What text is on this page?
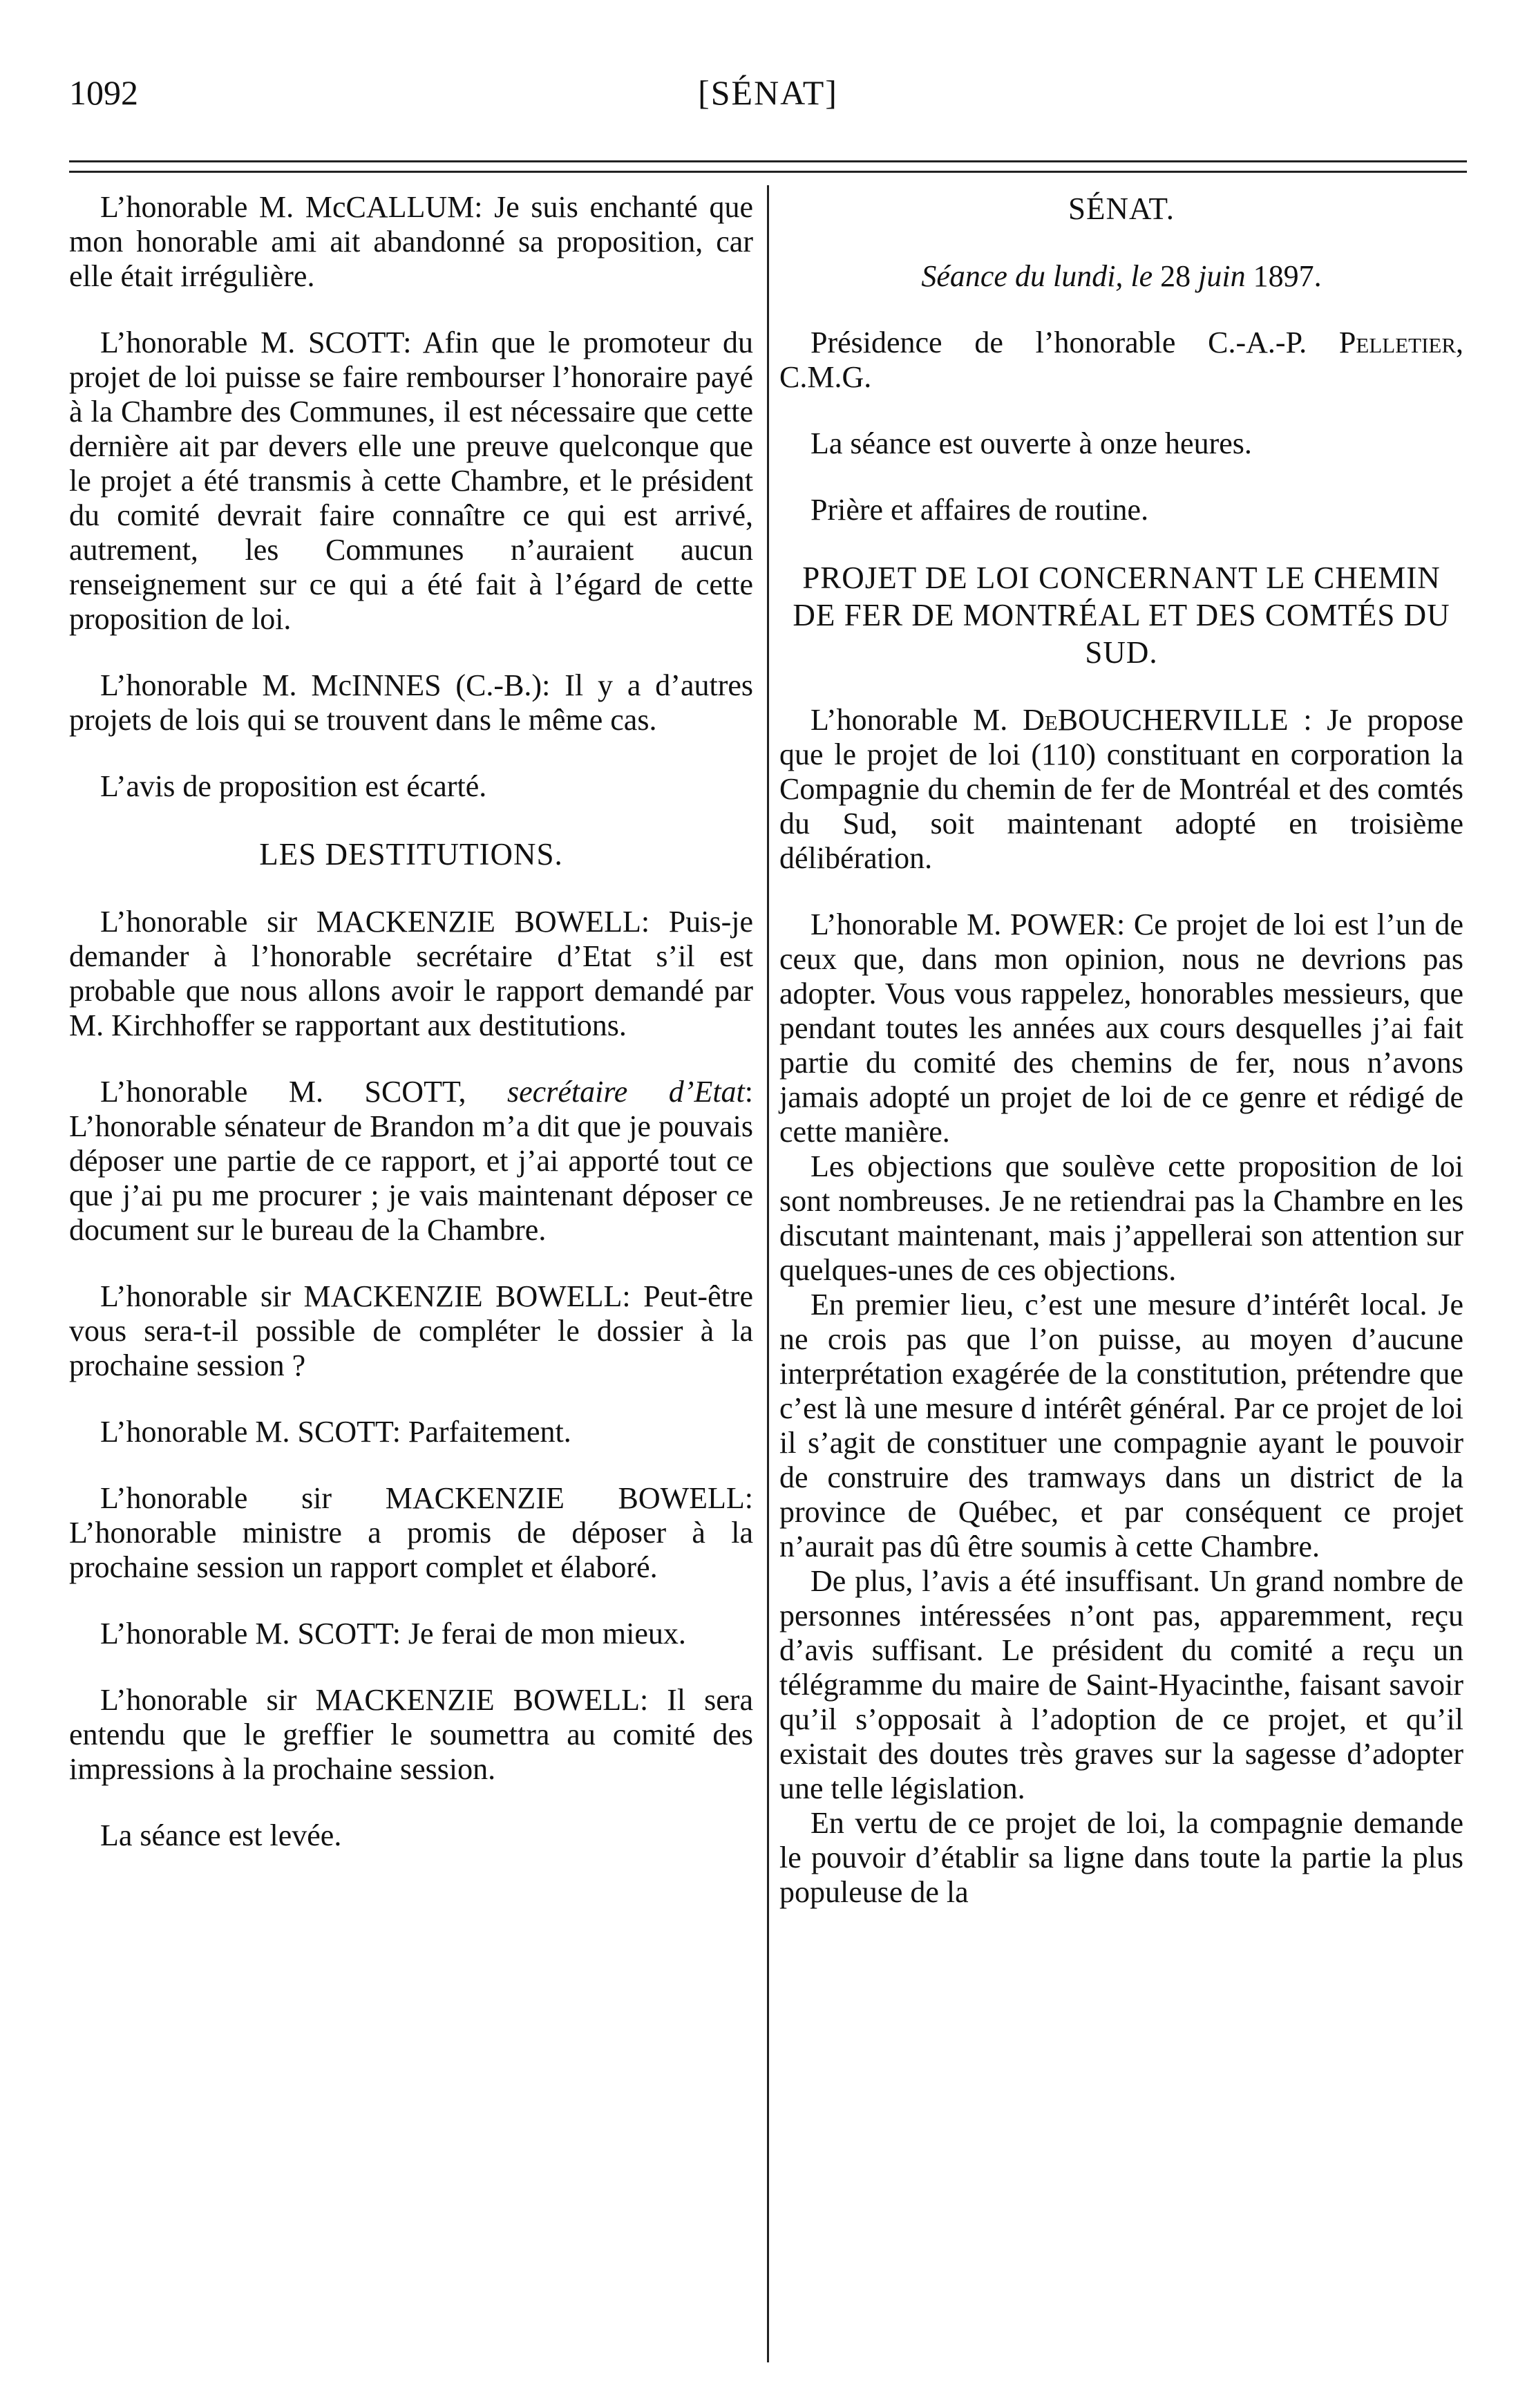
1092	[SÉNAT]

L’honorable M. McCALLUM: Je suis enchanté que mon honorable ami ait abandonné sa proposition, car elle était irrégulière.

L’honorable M. SCOTT: Afin que le promoteur du projet de loi puisse se faire rembourser l’honoraire payé à la Chambre des Communes, il est nécessaire que cette dernière ait par devers elle une preuve quelconque que le projet a été transmis à cette Chambre, et le président du comité devrait faire connaître ce qui est arrivé, autrement, les Communes n’auraient aucun renseignement sur ce qui a été fait à l’égard de cette proposition de loi.

L’honorable M. McINNES (C.-B.): Il y a d’autres projets de lois qui se trouvent dans le même cas.

L’avis de proposition est écarté.

LES DESTITUTIONS.

L’honorable sir MACKENZIE BOWELL: Puis-je demander à l’honorable secrétaire d’Etat s’il est probable que nous allons avoir le rapport demandé par M. Kirchhoffer se rapportant aux destitutions.

L’honorable M. SCOTT, secrétaire d’Etat: L’honorable sénateur de Brandon m’a dit que je pouvais déposer une partie de ce rapport, et j’ai apporté tout ce que j’ai pu me procurer ; je vais maintenant déposer ce document sur le bureau de la Chambre.

L’honorable sir MACKENZIE BOWELL: Peut-être vous sera-t-il possible de compléter le dossier à la prochaine session ?

L’honorable M. SCOTT: Parfaitement.

L’honorable sir MACKENZIE BOWELL: L’honorable ministre a promis de déposer à la prochaine session un rapport complet et élaboré.

L’honorable M. SCOTT: Je ferai de mon mieux.

L’honorable sir MACKENZIE BOWELL: Il sera entendu que le greffier le soumettra au comité des impressions à la prochaine session.

La séance est levée.

SÉNAT.
Séance du lundi, le 28 juin 1897.

Présidence de l’honorable C.-A.-P. Pelletier, C.M.G.

La séance est ouverte à onze heures.

Prière et affaires de routine.

PROJET DE LOI CONCERNANT LE CHEMIN DE FER DE MONTRÉAL ET DES COMTÉS DU SUD.

L’honorable M. DeBOUCHERVILLE : Je propose que le projet de loi (110) constituant en corporation la Compagnie du chemin de fer de Montréal et des comtés du Sud, soit maintenant adopté en troisième délibération.

L’honorable M. POWER: Ce projet de loi est l’un de ceux que, dans mon opinion, nous ne devrions pas adopter. Vous vous rappelez, honorables messieurs, que pendant toutes les années aux cours desquelles j’ai fait partie du comité des chemins de fer, nous n’avons jamais adopté un projet de loi de ce genre et rédigé de cette manière.

Les objections que soulève cette proposition de loi sont nombreuses. Je ne retiendrai pas la Chambre en les discutant maintenant, mais j’appellerai son attention sur quelques-unes de ces objections.

En premier lieu, c’est une mesure d’intérêt local. Je ne crois pas que l’on puisse, au moyen d’aucune interprétation exagérée de la constitution, prétendre que c’est là une mesure d intérêt général. Par ce projet de loi il s’agit de constituer une compagnie ayant le pouvoir de construire des tramways dans un district de la province de Québec, et par conséquent ce projet n’aurait pas dû être soumis à cette Chambre.

De plus, l’avis a été insuffisant. Un grand nombre de personnes intéressées n’ont pas, apparemment, reçu d’avis suffisant. Le président du comité a reçu un télégramme du maire de Saint-Hyacinthe, faisant savoir qu’il s’opposait à l’adoption de ce projet, et qu’il existait des doutes très graves sur la sagesse d’adopter une telle législation.

En vertu de ce projet de loi, la compagnie demande le pouvoir d’établir sa ligne dans toute la partie la plus populeuse de la
